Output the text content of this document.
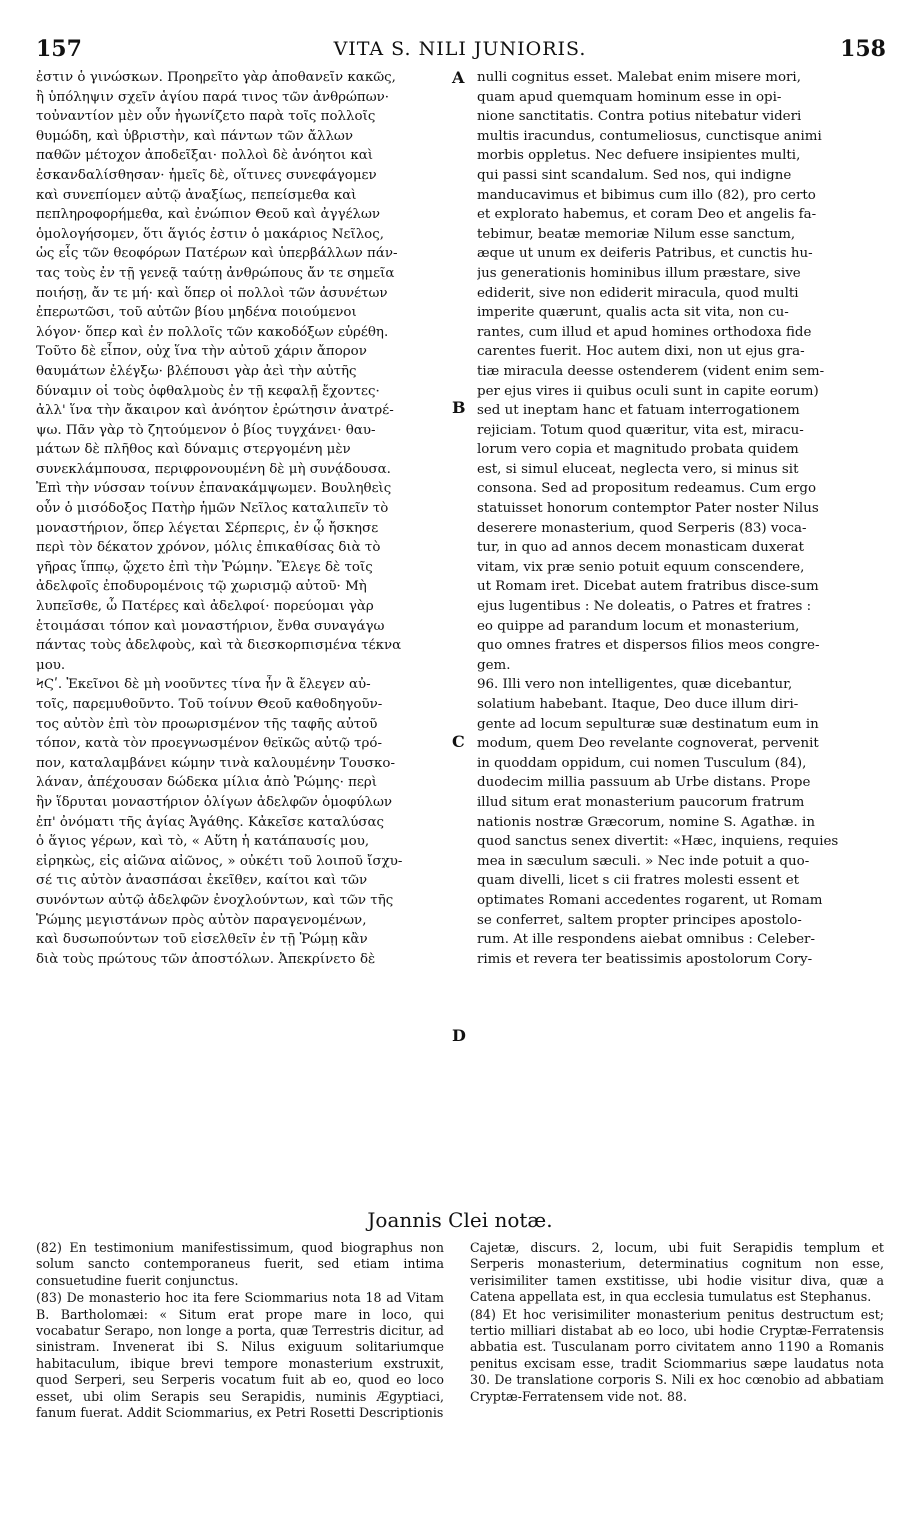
157	VITA S. NILI JUNIORIS.	158
ἐστιν ὁ γινώσκων. Προηρεῖτο γὰρ ἀποθανεῖν κακῶς,
ἢ ὑπόληψιν σχεῖν ἁγίου παρά τινος τῶν ἀνθρώπων·
τοὐναντίον μὲν οὖν ἠγωνίζετο παρὰ τοῖς πολλοῖς
θυμώδη, καὶ ὑβριστὴν, καὶ πάντων τῶν ἄλλων
παθῶν μέτοχον ἀποδεῖξαι· πολλοὶ δὲ ἀνόητοι καὶ
ἐσκανδαλίσθησαν· ἡμεῖς δὲ, οἵτινες συνεφάγομεν
καὶ συνεπίομεν αὐτῷ ἀναξίως, πεπείσμεθα καὶ
πεπληροφορήμεθα, καὶ ἐνώπιον Θεοῦ καὶ ἀγγέλων
ὁμολογήσομεν, ὅτι ἅγιός ἐστιν ὁ μακάριος Νεῖλος,
ὡς εἷς τῶν θεοφόρων Πατέρων καὶ ὑπερβάλλων πάν-
τας τοὺς ἐν τῇ γενεᾷ ταύτῃ ἀνθρώπους ἄν τε σημεῖα
ποιήσῃ, ἄν τε μή· καὶ ὅπερ οἱ πολλοὶ τῶν ἀσυνέτων
ἐπερωτῶσι, τοῦ αὐτῶν βίου μηδένα ποιούμενοι
λόγον· ὅπερ καὶ ἐν πολλοῖς τῶν κακοδόξων εὑρέθη.
Τοῦτο δὲ εἶπον, οὐχ ἵνα τὴν αὐτοῦ χάριν ἄπορον
θαυμάτων ἐλέγξω· βλέπουσι γὰρ ἀεὶ τὴν αὐτῆς
δύναμιν οἱ τοὺς ὀφθαλμοὺς ἐν τῇ κεφαλῇ ἔχοντες·
ἀλλ' ἵνα τὴν ἄκαιρον καὶ ἀνόητον ἐρώτησιν ἀνατρέ-
ψω. Πᾶν γὰρ τὸ ζητούμενον ὁ βίος τυγχάνει· θαυ-
μάτων δὲ πλῆθος καὶ δύναμις στεργομένη μὲν
συνεκλάμπουσα, περιφρονουμένη δὲ μὴ συνᾴδουσα.
Ἐπὶ τὴν νύσσαν τοίνυν ἐπανακάμψωμεν. Βουληθεὶς
οὖν ὁ μισόδοξος Πατὴρ ἡμῶν Νεῖλος καταλιπεῖν τὸ
μοναστήριον, ὅπερ λέγεται Σέρπερις, ἐν ᾧ ἤσκησε
περὶ τὸν δέκατον χρόνον, μόλις ἐπικαθίσας διὰ τὸ
γῆρας ἵππῳ, ᾤχετο ἐπὶ τὴν Ῥώμην. Ἔλεγε δὲ τοῖς
ἀδελφοῖς ἐποδυρομένοις τῷ χωρισμῷ αὐτοῦ· Μὴ
λυπεῖσθε, ὦ Πατέρες καὶ ἀδελφοί· πορεύομαι γὰρ
ἑτοιμάσαι τόπον καὶ μοναστήριον, ἔνθα συναγάγω
πάντας τοὺς ἀδελφοὺς, καὶ τὰ διεσκορπισμένα τέκνα
μου.
ϞϚʹ. Ἐκεῖνοι δὲ μὴ νοοῦντες τίνα ἦν ἃ ἔλεγεν αὐ-
τοῖς, παρεμυθοῦντο. Τοῦ τοίνυν Θεοῦ καθοδηγοῦν-
τος αὐτὸν ἐπὶ τὸν προωρισμένον τῆς ταφῆς αὐτοῦ
τόπον, κατὰ τὸν προεγνωσμένον θεϊκῶς αὐτῷ τρό-
πον, καταλαμβάνει κώμην τινὰ καλουμένην Τουσκο-
λάναν, ἀπέχουσαν δώδεκα μίλια ἀπὸ Ῥώμης· περὶ
ἣν ἵδρυται μοναστήριον ὀλίγων ἀδελφῶν ὁμοφύλων
ἐπ' ὀνόματι τῆς ἁγίας Ἀγάθης. Κἀκεῖσε καταλύσας
ὁ ἅγιος γέρων, καὶ τὸ, « Αὕτη ἡ κατάπαυσίς μου,
εἰρηκὼς, εἰς αἰῶνα αἰῶνος, » οὐκέτι τοῦ λοιποῦ ἴσχυ-
σέ τις αὐτὸν ἀνασπάσαι ἐκεῖθεν, καίτοι καὶ τῶν
συνόντων αὐτῷ ἀδελφῶν ἐνοχλούντων, καὶ τῶν τῆς
Ῥώμης μεγιστάνων πρὸς αὐτὸν παραγενομένων,
καὶ δυσωπούντων τοῦ εἰσελθεῖν ἐν τῇ Ῥώμῃ κἂν
διὰ τοὺς πρώτους τῶν ἀποστόλων. Ἀπεκρίνετο δὲ
nulli cognitus esset. Malebat enim misere mori,
quam apud quemquam hominum esse in opi-
nione sanctitatis. Contra potius nitebatur videri
multis iracundus, contumeliosus, cunctisque animi
morbis oppletus. Nec defuere insipientes multi,
qui passi sint scandalum. Sed nos, qui indigne
manducavimus et bibimus cum illo (82), pro certo
et explorato habemus, et coram Deo et angelis fa-
tebimur, beatæ memoriæ Nilum esse sanctum,
æque ut unum ex deiferis Patribus, et cunctis hu-
jus generationis hominibus illum præstare, sive
ediderit, sive non ediderit miracula, quod multi
imperite quærunt, qualis acta sit vita, non cu-
rantes, cum illud et apud homines orthodoxa fide
carentes fuerit. Hoc autem dixi, non ut ejus gra-
tiæ miracula deesse ostenderem (vident enim sem-
per ejus vires ii quibus oculi sunt in capite eorum)
sed ut ineptam hanc et fatuam interrogationem
rejiciam. Totum quod quæritur, vita est, miracu-
lorum vero copia et magnitudo probata quidem
est, si simul eluceat, neglecta vero, si minus sit
consona. Sed ad propositum redeamus. Cum ergo
statuisset honorum contemptor Pater noster Nilus
deserere monasterium, quod Serperis (83) voca-
tur, in quo ad annos decem monasticam duxerat
vitam, vix præ senio potuit equum conscendere,
ut Romam iret. Dicebat autem fratribus disce-sum
ejus lugentibus : Ne doleatis, o Patres et fratres :
eo quippe ad parandum locum et monasterium,
quo omnes fratres et dispersos filios meos congre-
gem.
96. Illi vero non intelligentes, quæ dicebantur,
solatium habebant. Itaque, Deo duce illum diri-
gente ad locum sepulturæ suæ destinatum eum in
modum, quem Deo revelante cognoverat, pervenit
in quoddam oppidum, cui nomen Tusculum (84),
duodecim millia passuum ab Urbe distans. Prope
illud situm erat monasterium paucorum fratrum
nationis nostræ Græcorum, nomine S. Agathæ. in
quod sanctus senex divertit: «Hæc, inquiens, requies
mea in sæculum sæculi. » Nec inde potuit a quo-
quam divelli, licet s cii fratres molesti essent et
optimates Romani accedentes rogarent, ut Romam
se conferret, saltem propter principes apostolo-
rum. At ille respondens aiebat omnibus : Celeber-
rimis et revera ter beatissimis apostolorum Cory-
A
B
C
D
Joannis Clei notæ.

(82) En testimonium manifestissimum, quod biographus non solum sancto contemporaneus fuerit, sed etiam intima consuetudine fuerit conjunctus.

(83) De monasterio hoc ita fere Sciommarius nota 18 ad Vitam B. Bartholomæi: « Situm erat prope mare in loco, qui vocabatur Serapo, non longe a porta, quæ Terrestris dicitur, ad sinistram. Invenerat ibi S. Nilus exiguum solitariumque habitaculum, ibique brevi tempore monasterium exstruxit, quod Serperi, seu Serperis vocatum fuit ab eo, quod eo loco esset, ubi olim Serapis seu Serapidis, numinis Ægyptiaci, fanum fuerat. Addit Sciommarius, ex Petri Rosetti Descriptionis

Cajetæ, discurs. 2, locum, ubi fuit Serapidis templum et Serperis monasterium, determinatius cognitum non esse, verisimiliter tamen exstitisse, ubi hodie visitur diva, quæ a Catena appellata est, in qua ecclesia tumulatus est Stephanus.

(84) Et hoc verisimiliter monasterium penitus destructum est; tertio milliari distabat ab eo loco, ubi hodie Cryptæ-Ferratensis abbatia est. Tusculanam porro civitatem anno 1190 a Romanis penitus excisam esse, tradit Sciommarius sæpe laudatus nota 30. De translatione corporis S. Nili ex hoc cœnobio ad abbatiam Cryptæ-Ferratensem vide not. 88.
